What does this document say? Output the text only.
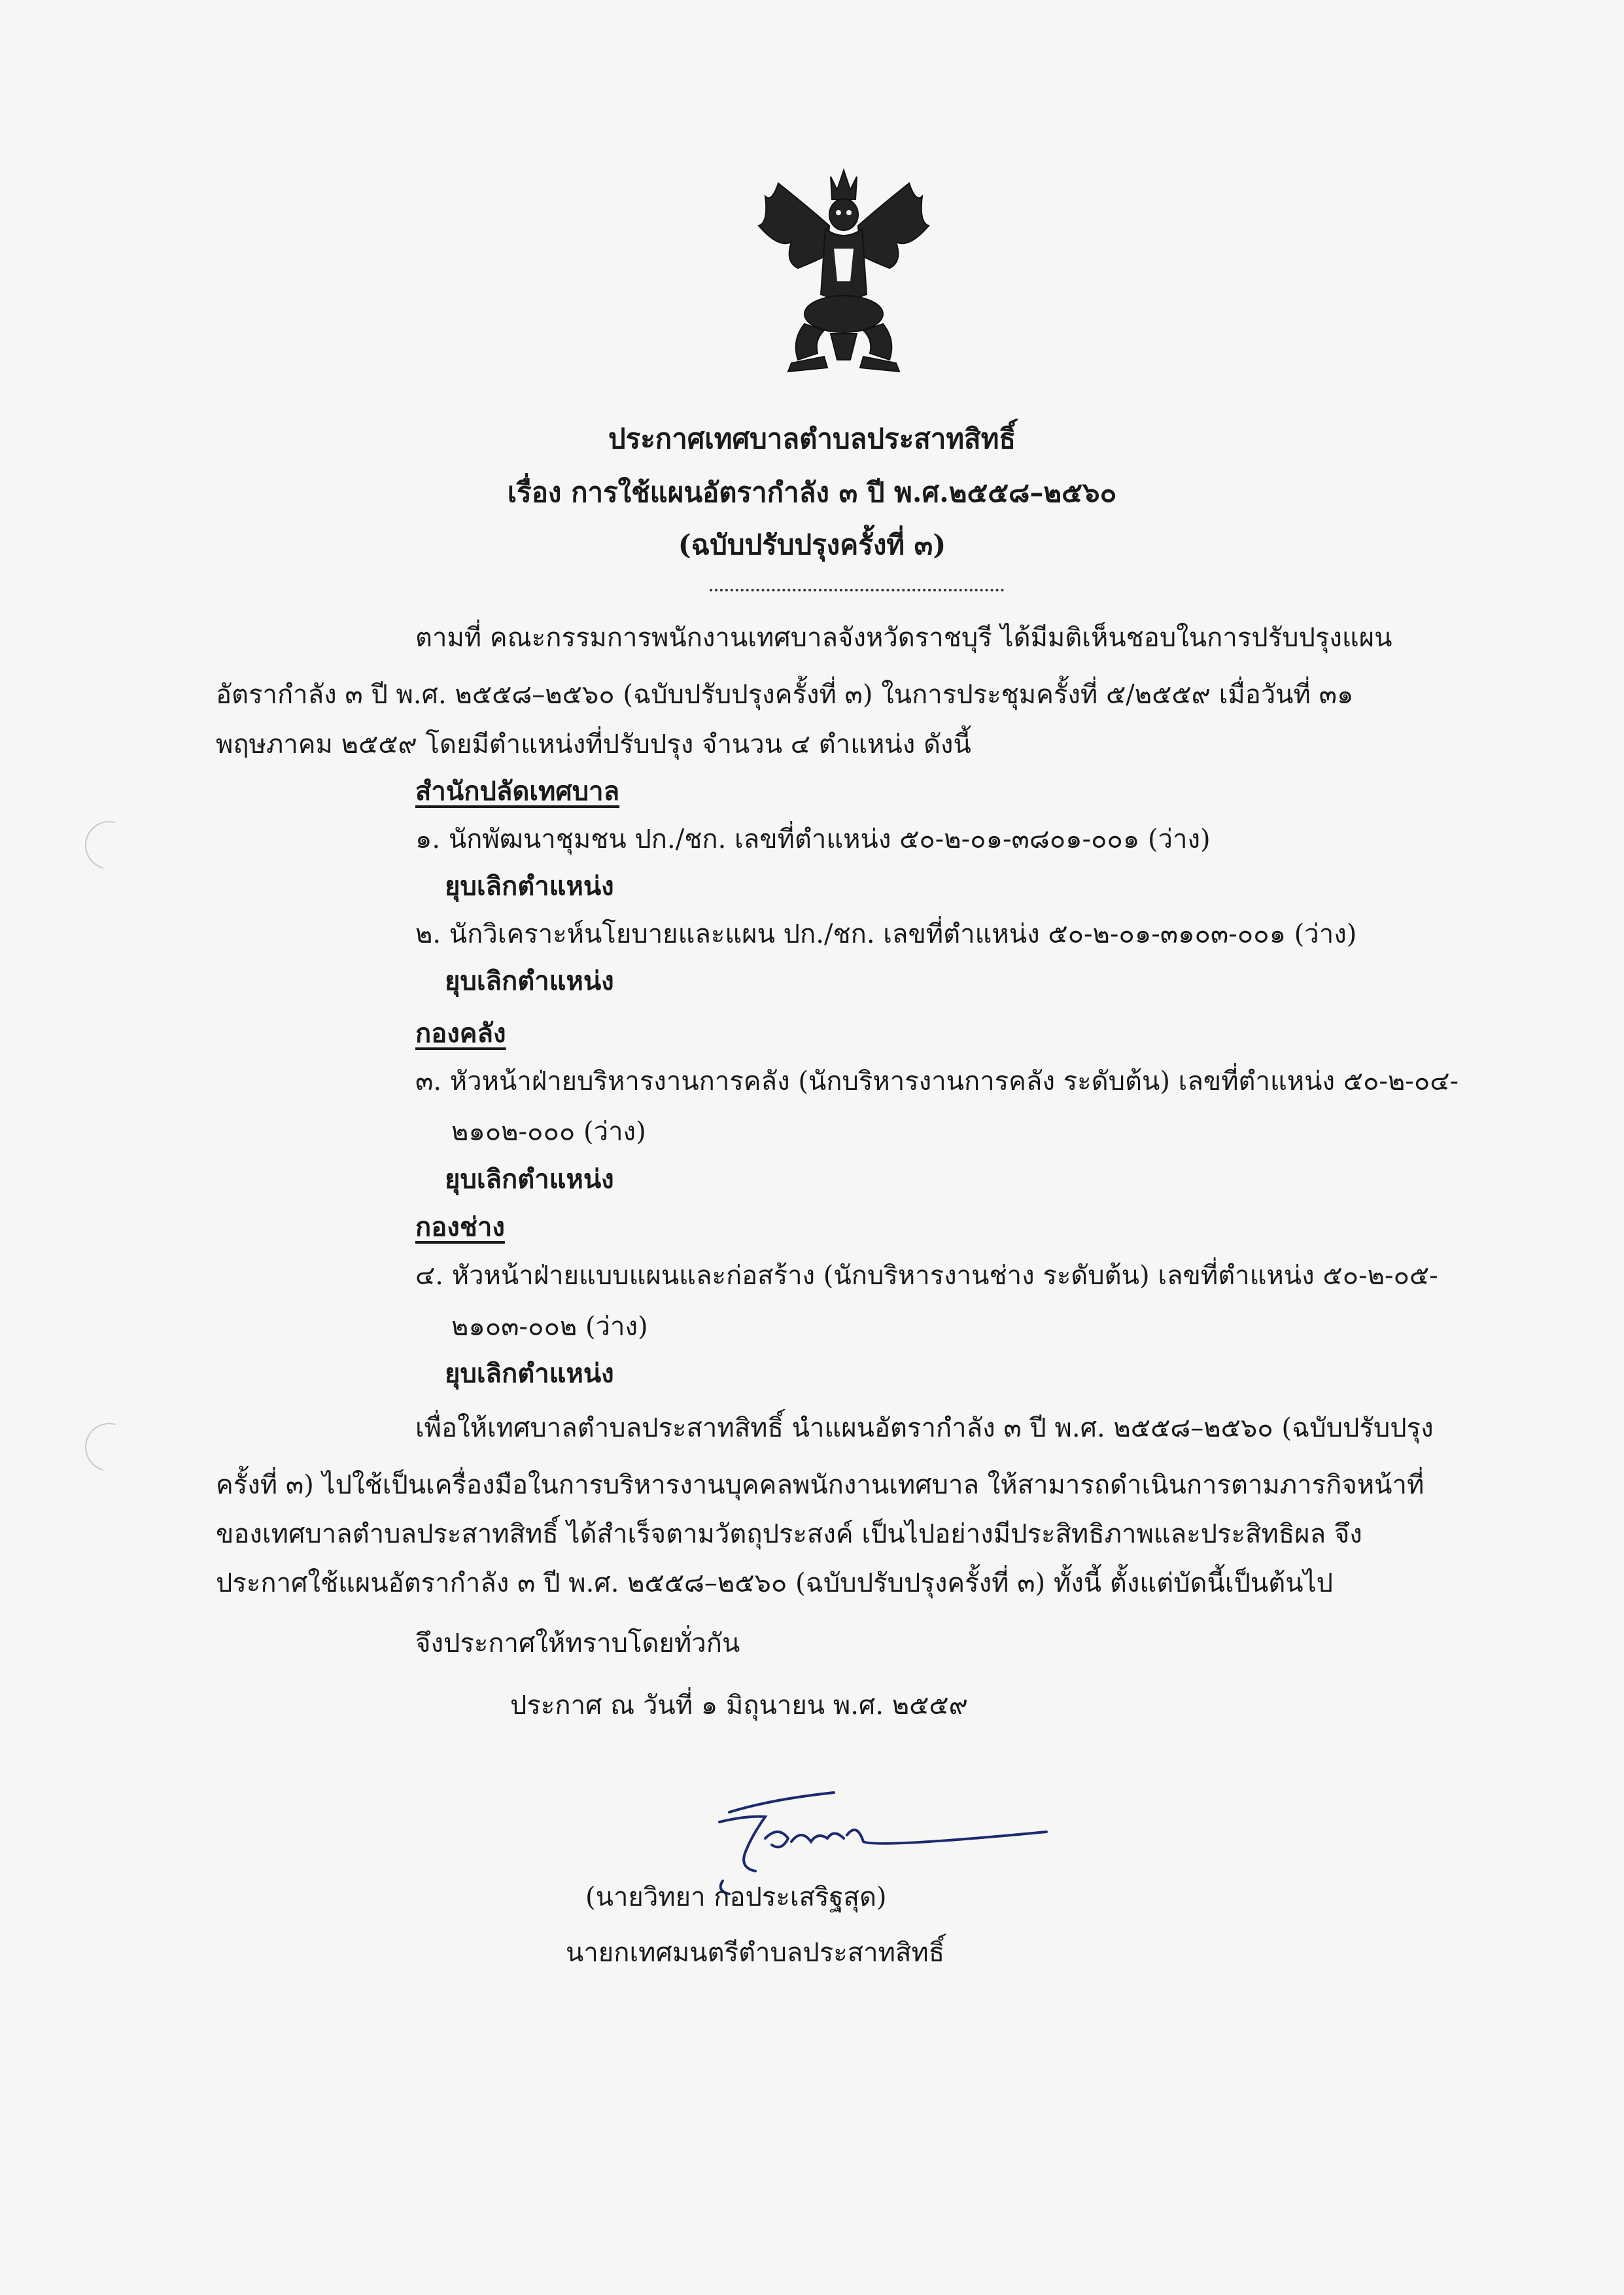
ประกาศเทศบาลตำบลประสาทสิทธิ์
เรื่อง การใช้แผนอัตรากำลัง ๓ ปี พ.ศ.๒๕๕๘–๒๕๖๐
(ฉบับปรับปรุงครั้งที่ ๓)
ตามที่ คณะกรรมการพนักงานเทศบาลจังหวัดราชบุรี ได้มีมติเห็นชอบในการปรับปรุงแผน
อัตรากำลัง ๓ ปี พ.ศ. ๒๕๕๘–๒๕๖๐ (ฉบับปรับปรุงครั้งที่ ๓) ในการประชุมครั้งที่ ๕/๒๕๕๙ เมื่อวันที่ ๓๑
พฤษภาคม ๒๕๕๙ โดยมีตำแหน่งที่ปรับปรุง จำนวน ๔ ตำแหน่ง ดังนี้
สำนักปลัดเทศบาล
๑. นักพัฒนาชุมชน ปก./ชก. เลขที่ตำแหน่ง ๕๐-๒-๐๑-๓๘๐๑-๐๐๑ (ว่าง)
ยุบเลิกตำแหน่ง
๒. นักวิเคราะห์นโยบายและแผน ปก./ชก. เลขที่ตำแหน่ง ๕๐-๒-๐๑-๓๑๐๓-๐๐๑ (ว่าง)
ยุบเลิกตำแหน่ง
กองคลัง
๓. หัวหน้าฝ่ายบริหารงานการคลัง (นักบริหารงานการคลัง ระดับต้น) เลขที่ตำแหน่ง ๕๐-๒-๐๔-
๒๑๐๒-๐๐๐ (ว่าง)
ยุบเลิกตำแหน่ง
กองช่าง
๔. หัวหน้าฝ่ายแบบแผนและก่อสร้าง (นักบริหารงานช่าง ระดับต้น) เลขที่ตำแหน่ง ๕๐-๒-๐๕-
๒๑๐๓-๐๐๒ (ว่าง)
ยุบเลิกตำแหน่ง
เพื่อให้เทศบาลตำบลประสาทสิทธิ์ นำแผนอัตรากำลัง ๓ ปี พ.ศ. ๒๕๕๘–๒๕๖๐ (ฉบับปรับปรุง
ครั้งที่ ๓) ไปใช้เป็นเครื่องมือในการบริหารงานบุคคลพนักงานเทศบาล ให้สามารถดำเนินการตามภารกิจหน้าที่
ของเทศบาลตำบลประสาทสิทธิ์ ได้สำเร็จตามวัตถุประสงค์ เป็นไปอย่างมีประสิทธิภาพและประสิทธิผล จึง
ประกาศใช้แผนอัตรากำลัง ๓ ปี พ.ศ. ๒๕๕๘–๒๕๖๐ (ฉบับปรับปรุงครั้งที่ ๓) ทั้งนี้ ตั้งแต่บัดนี้เป็นต้นไป
จึงประกาศให้ทราบโดยทั่วกัน
ประกาศ ณ วันที่ ๑ มิถุนายน พ.ศ. ๒๕๕๙
(นายวิทยา กอประเสริฐสุด)
นายกเทศมนตรีตำบลประสาทสิทธิ์
